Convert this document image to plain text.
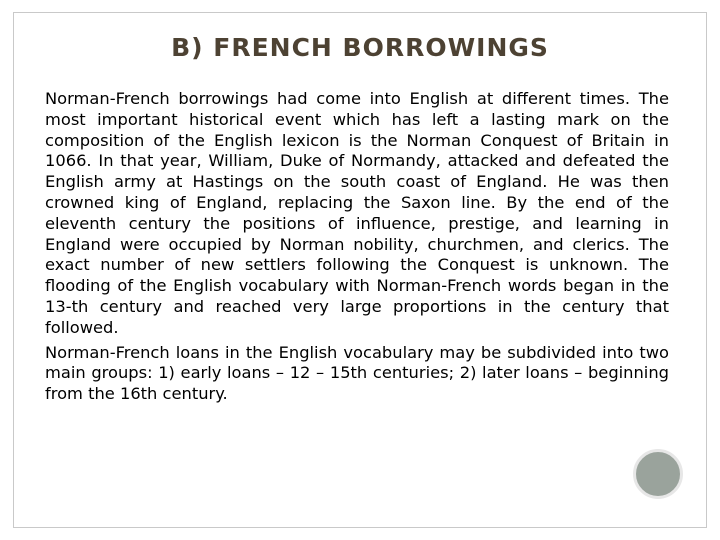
B) FRENCH BORROWINGS

Norman-French borrowings had come into English at different times. The most important historical event which has left a lasting mark on the composition of the English lexicon is the Norman Conquest of Britain in 1066. In that year, William, Duke of Normandy, attacked and defeated the English army at Hastings on the south coast of England. He was then crowned king of England, replacing the Saxon line. By the end of the eleventh century the positions of influence, prestige, and learning in England were occupied by Norman nobility, churchmen, and clerics. The exact number of new settlers following the Conquest is unknown. The flooding of the English vocabulary with Norman-French words began in the 13-th century and reached very large proportions in the century that followed.

Norman-French loans in the English vocabulary may be subdivided into two main groups: 1) early loans – 12 – 15th centuries; 2) later loans – beginning from the 16th century.
